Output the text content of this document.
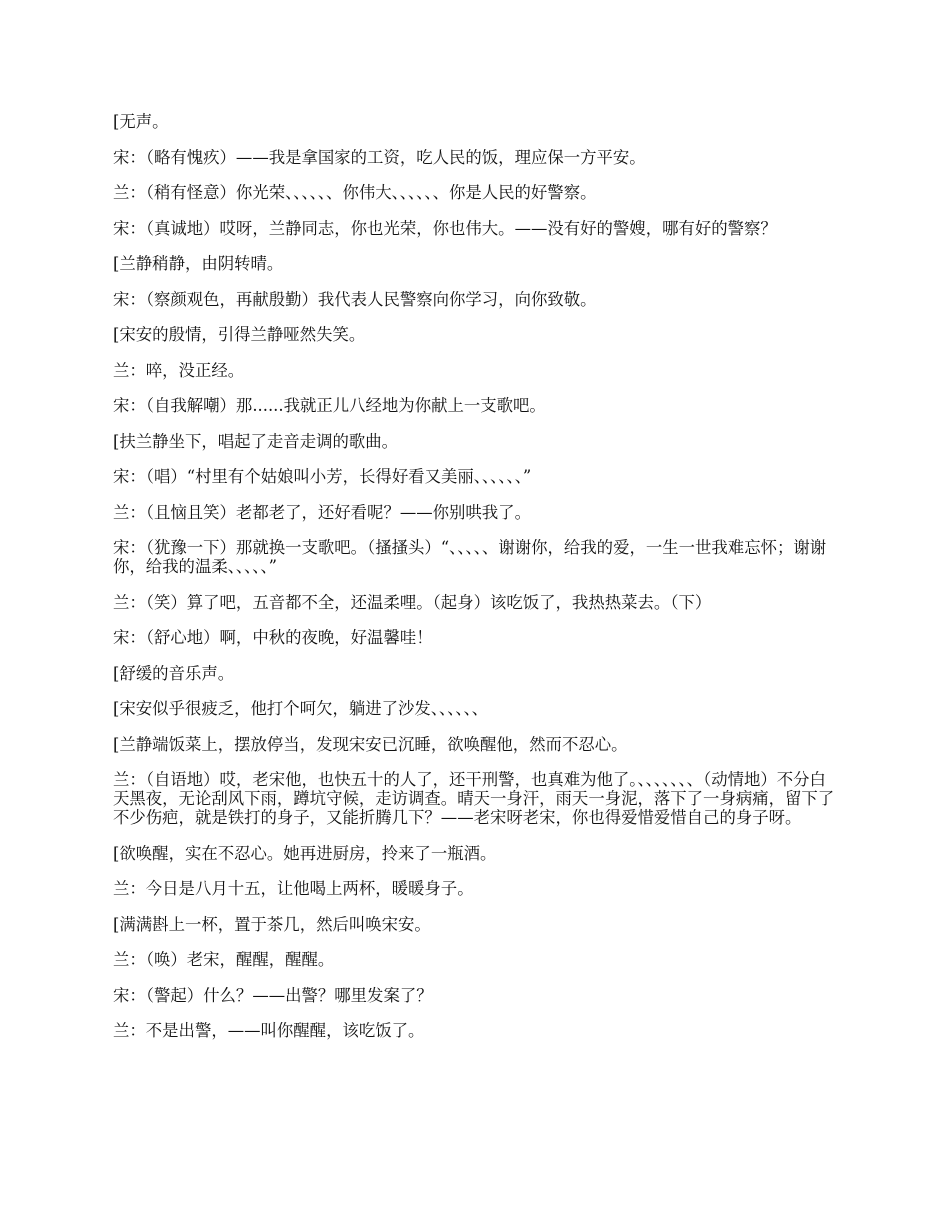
[无声。

宋：（略有愧疚）——我是拿国家的工资，吃人民的饭，理应保一方平安。

兰：（稍有怪意）你光荣、、、、、、你伟大、、、、、、你是人民的好警察。

宋：（真诚地）哎呀，兰静同志，你也光荣，你也伟大。——没有好的警嫂，哪有好的警察？

[兰静稍静，由阴转晴。

宋：（察颜观色，再献殷勤）我代表人民警察向你学习，向你致敬。

[宋安的殷情，引得兰静哑然失笑。

兰：啐，没正经。

宋：（自我解嘲）那......我就正儿八经地为你献上一支歌吧。

[扶兰静坐下，唱起了走音走调的歌曲。

宋：（唱）“村里有个姑娘叫小芳，长得好看又美丽、、、、、、”

兰：（且恼且笑）老都老了，还好看呢？——你别哄我了。

宋：（犹豫一下）那就换一支歌吧。（搔搔头）“、、、、、谢谢你，给我的爱，一生一世我难忘怀；谢谢你，给我的温柔、、、、、”

兰：（笑）算了吧，五音都不全，还温柔哩。（起身）该吃饭了，我热热菜去。（下）

宋：（舒心地）啊，中秋的夜晚，好温馨哇！

[舒缓的音乐声。

[宋安似乎很疲乏，他打个呵欠，躺进了沙发、、、、、、

[兰静端饭菜上，摆放停当，发现宋安已沉睡，欲唤醒他，然而不忍心。

兰：（自语地）哎，老宋他，也快五十的人了，还干刑警，也真难为他了。、、、、、、、（动情地）不分白天黑夜，无论刮风下雨，蹲坑守候，走访调查。晴天一身汗，雨天一身泥，落下了一身病痛，留下了不少伤疤，就是铁打的身子，又能折腾几下？——老宋呀老宋，你也得爱惜爱惜自己的身子呀。

[欲唤醒，实在不忍心。她再进厨房，拎来了一瓶酒。

兰：今日是八月十五，让他喝上两杯，暖暖身子。

[满满斟上一杯，置于茶几，然后叫唤宋安。

兰：（唤）老宋，醒醒，醒醒。

宋：（警起）什么？——出警？哪里发案了？

兰：不是出警，——叫你醒醒，该吃饭了。
